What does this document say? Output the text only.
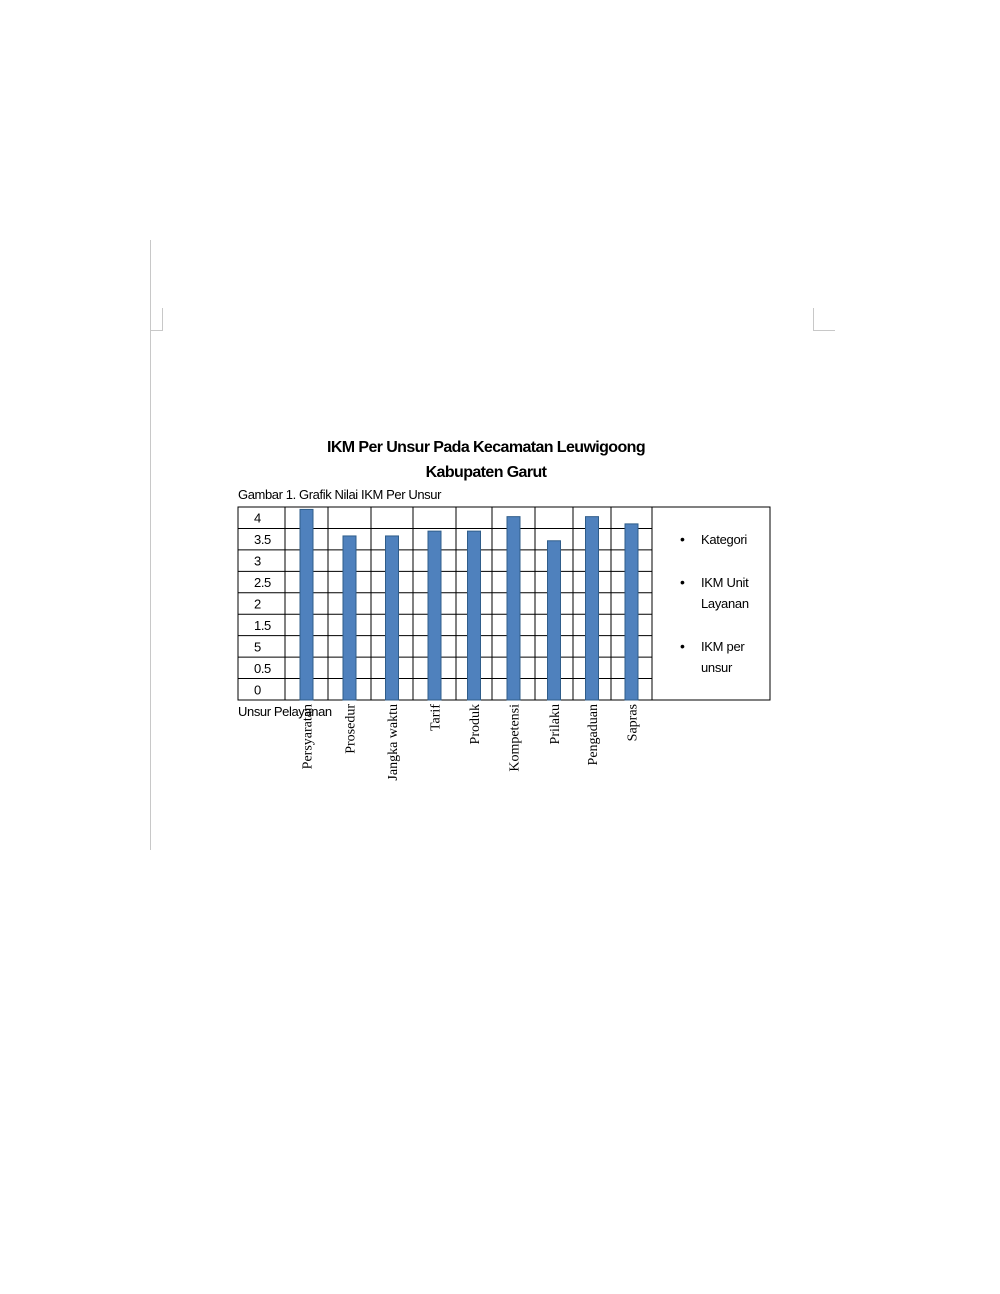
IKM Per Unsur Pada Kecamatan Leuwigoong
Kabupaten Garut
Gambar 1. Grafik Nilai IKM Per Unsur
4
3.5
3
2.5
2
1.5
5
0.5
0
Persyaratan Prosedur Jangka waktu Tarif Produk Kompetensi Prilaku Pengaduan Sapras
Unsur Pelayanan
• Kategori
• IKM Unit Layanan
• IKM per unsur
